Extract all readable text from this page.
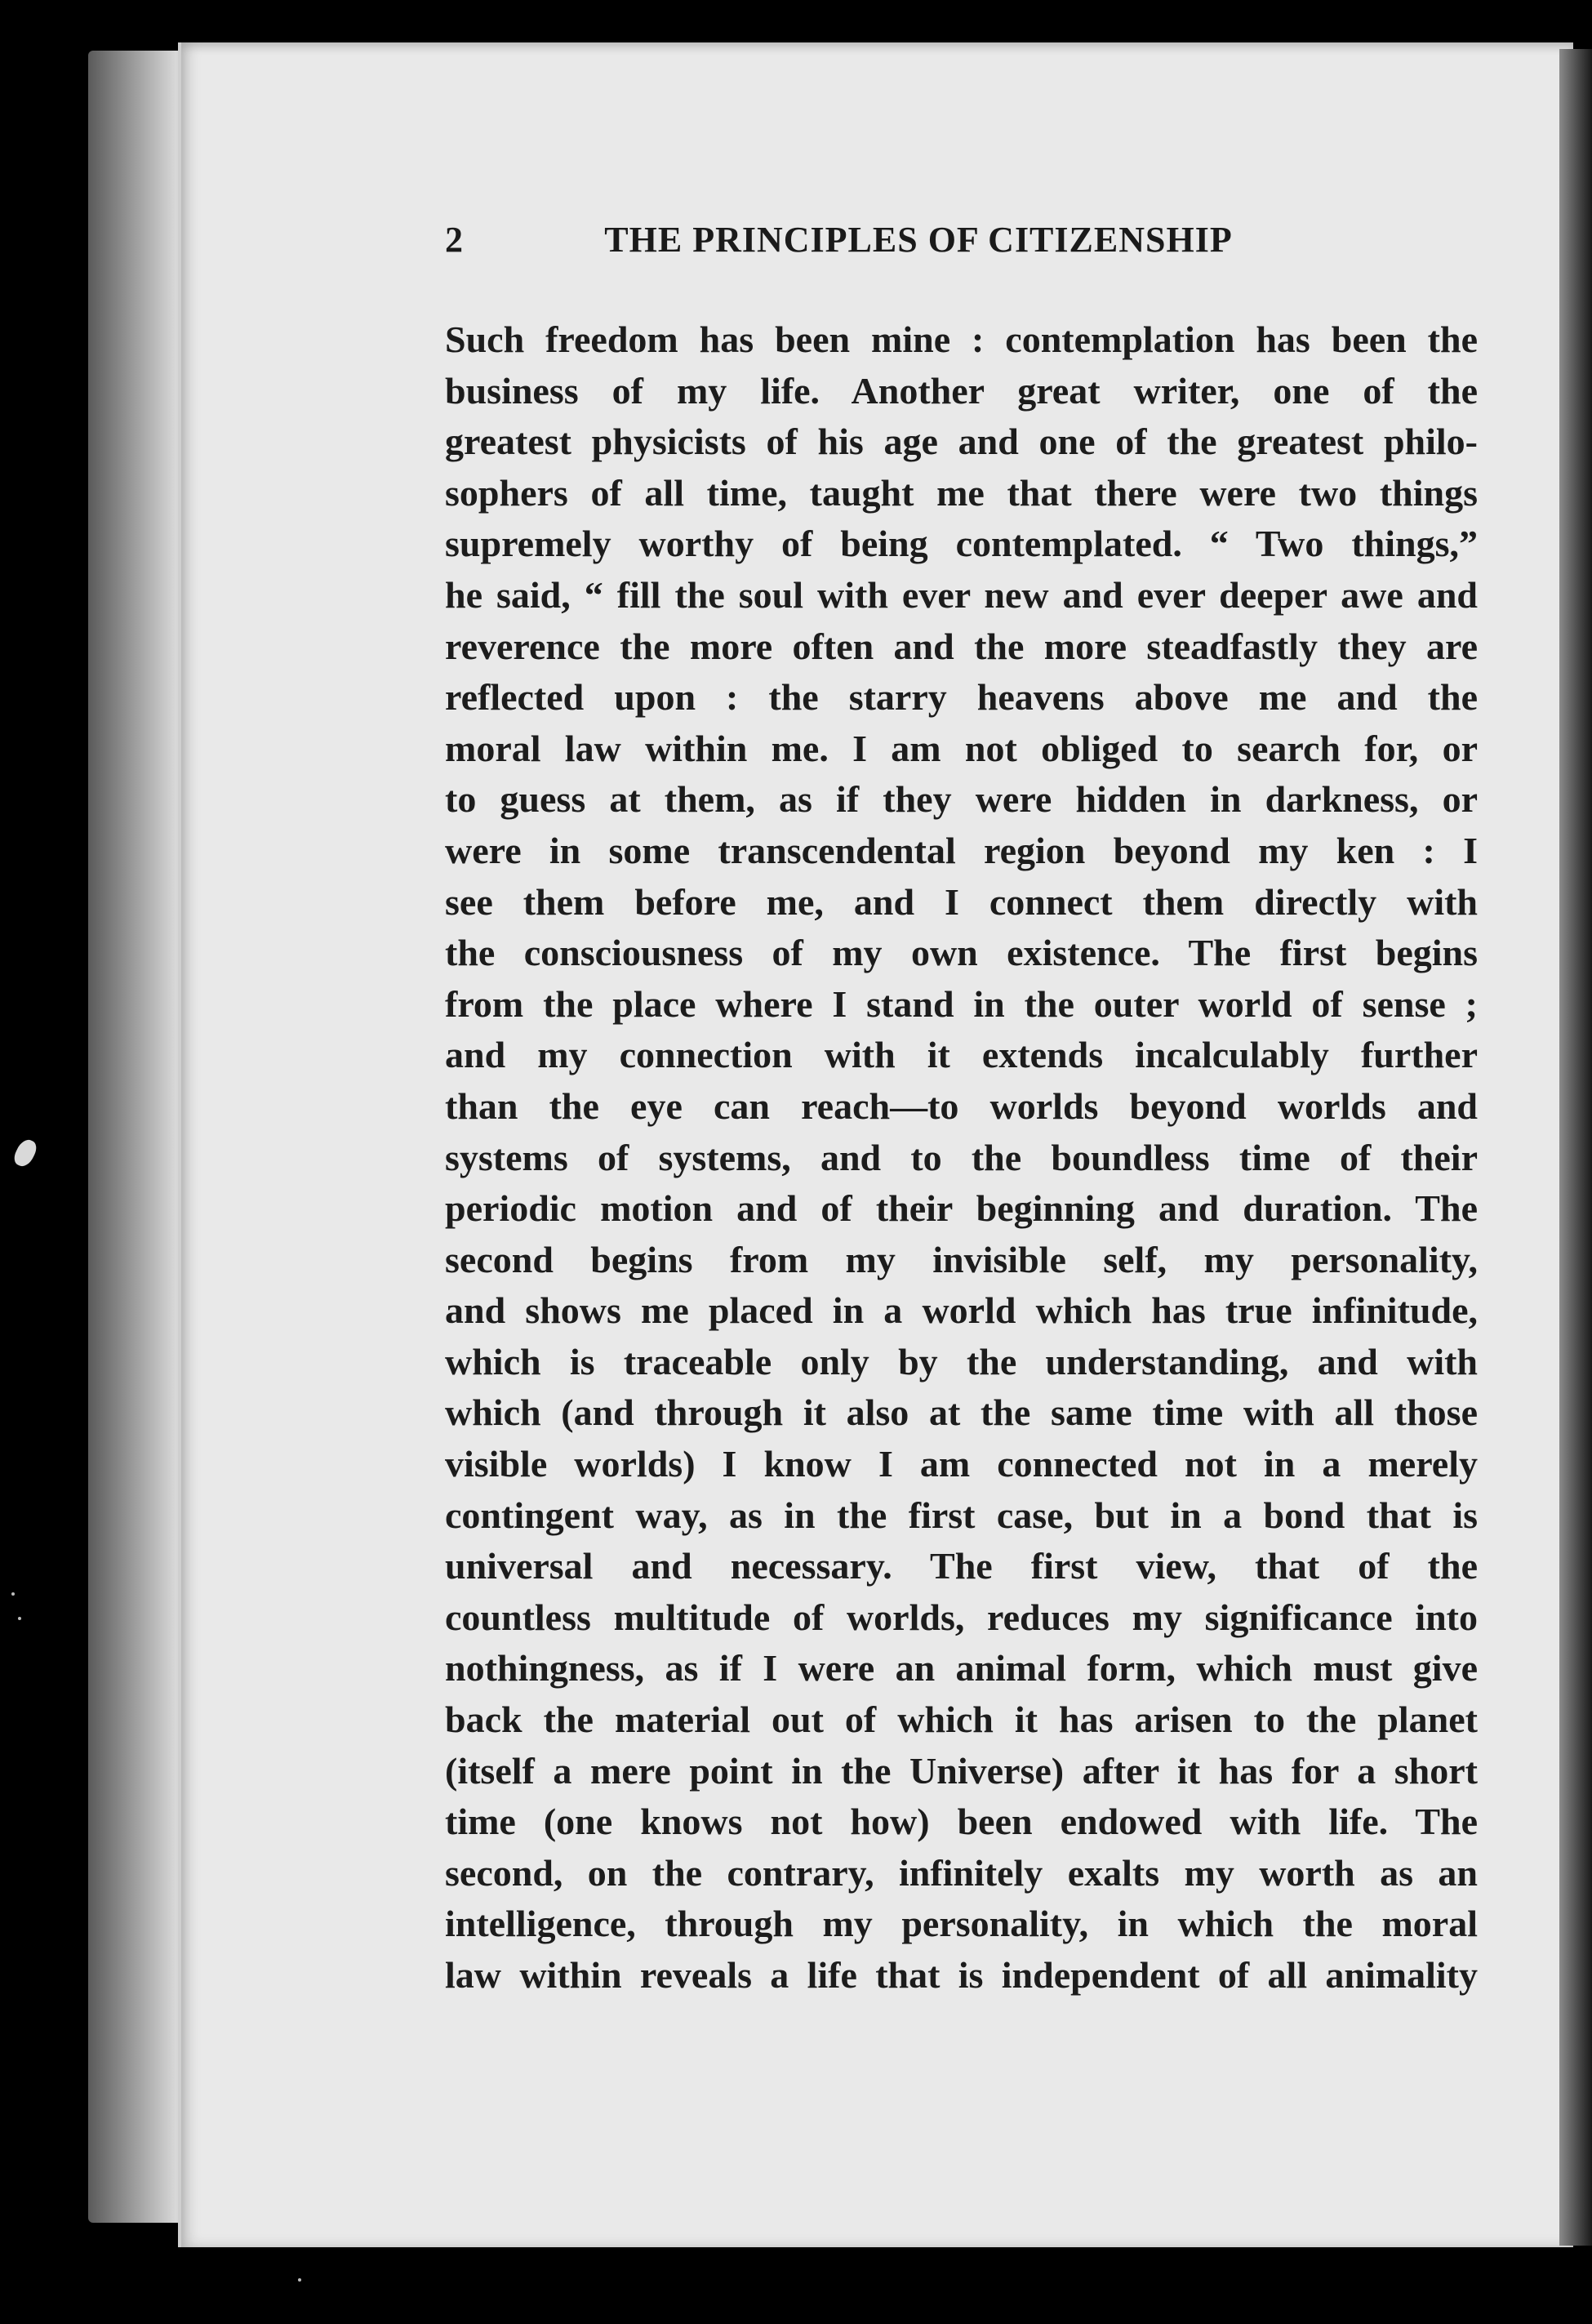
2	THE PRINCIPLES OF CITIZENSHIP
Such freedom has been mine : contemplation has been the
business of my life. Another great writer, one of the
greatest physicists of his age and one of the greatest philo-
sophers of all time, taught me that there were two things
supremely worthy of being contemplated. “ Two things,”
he said, “ fill the soul with ever new and ever deeper awe and
reverence the more often and the more steadfastly they are
reflected upon : the starry heavens above me and the
moral law within me. I am not obliged to search for, or
to guess at them, as if they were hidden in darkness, or
were in some transcendental region beyond my ken : I
see them before me, and I connect them directly with
the consciousness of my own existence. The first begins
from the place where I stand in the outer world of sense ;
and my connection with it extends incalculably further
than the eye can reach—to worlds beyond worlds and
systems of systems, and to the boundless time of their
periodic motion and of their beginning and duration. The
second begins from my invisible self, my personality,
and shows me placed in a world which has true infinitude,
which is traceable only by the understanding, and with
which (and through it also at the same time with all those
visible worlds) I know I am connected not in a merely
contingent way, as in the first case, but in a bond that is
universal and necessary. The first view, that of the
countless multitude of worlds, reduces my significance into
nothingness, as if I were an animal form, which must give
back the material out of which it has arisen to the planet
(itself a mere point in the Universe) after it has for a short
time (one knows not how) been endowed with life. The
second, on the contrary, infinitely exalts my worth as an
intelligence, through my personality, in which the moral
law within reveals a life that is independent of all animality
